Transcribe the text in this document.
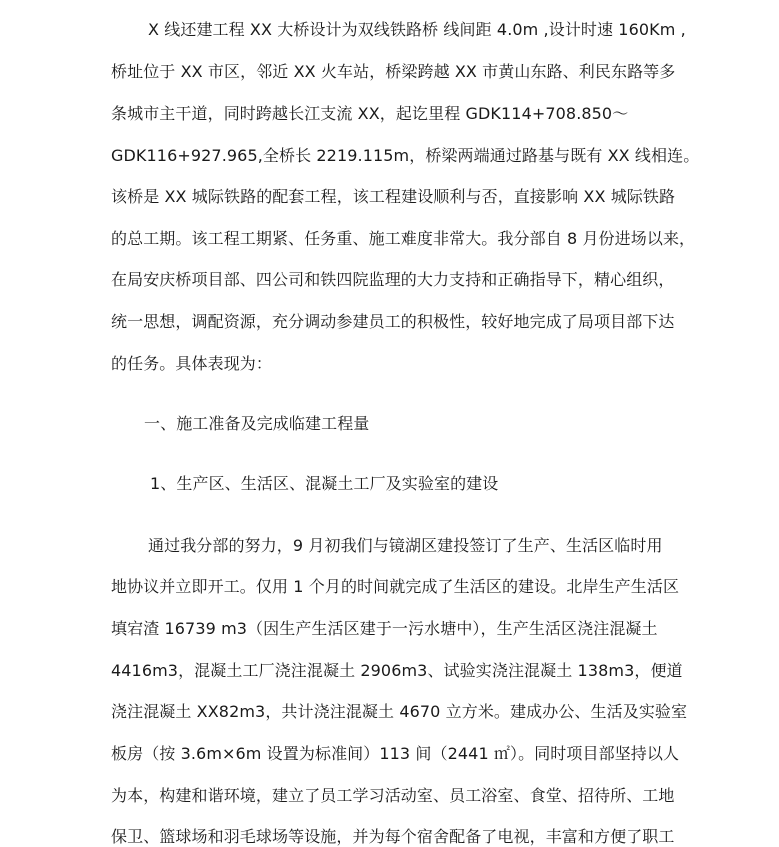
X 线还建工程 XX 大桥设计为双线铁路桥 线间距 4.0m ,设计时速 160Km ,
桥址位于 XX 市区，邻近 XX 火车站，桥梁跨越 XX 市黄山东路、利民东路等多
条城市主干道，同时跨越长江支流 XX，起讫里程 GDK114+708.850～
GDK116+927.965,全桥长 2219.115m，桥梁两端通过路基与既有 XX 线相连。
该桥是 XX 城际铁路的配套工程，该工程建设顺利与否，直接影响 XX 城际铁路
的总工期。该工程工期紧、任务重、施工难度非常大。我分部自 8 月份进场以来，
在局安庆桥项目部、四公司和铁四院监理的大力支持和正确指导下，精心组织，
统一思想，调配资源，充分调动参建员工的积极性，较好地完成了局项目部下达
的任务。具体表现为：
一、施工准备及完成临建工程量
1、生产区、生活区、混凝土工厂及实验室的建设
通过我分部的努力，9 月初我们与镜湖区建投签订了生产、生活区临时用
地协议并立即开工。仅用 1 个月的时间就完成了生活区的建设。北岸生产生活区
填宕渣 16739 m3（因生产生活区建于一污水塘中），生产生活区浇注混凝土
4416m3，混凝土工厂浇注混凝土 2906m3、试验实浇注混凝土 138m3，便道
浇注混凝土 XX82m3，共计浇注混凝土 4670 立方米。建成办公、生活及实验室
板房（按 3.6m×6m 设置为标准间）113 间（2441 ㎡）。同时项目部坚持以人
为本，构建和谐环境，建立了员工学习活动室、员工浴室、食堂、招待所、工地
保卫、篮球场和羽毛球场等设施，并为每个宿舍配备了电视，丰富和方便了职工
